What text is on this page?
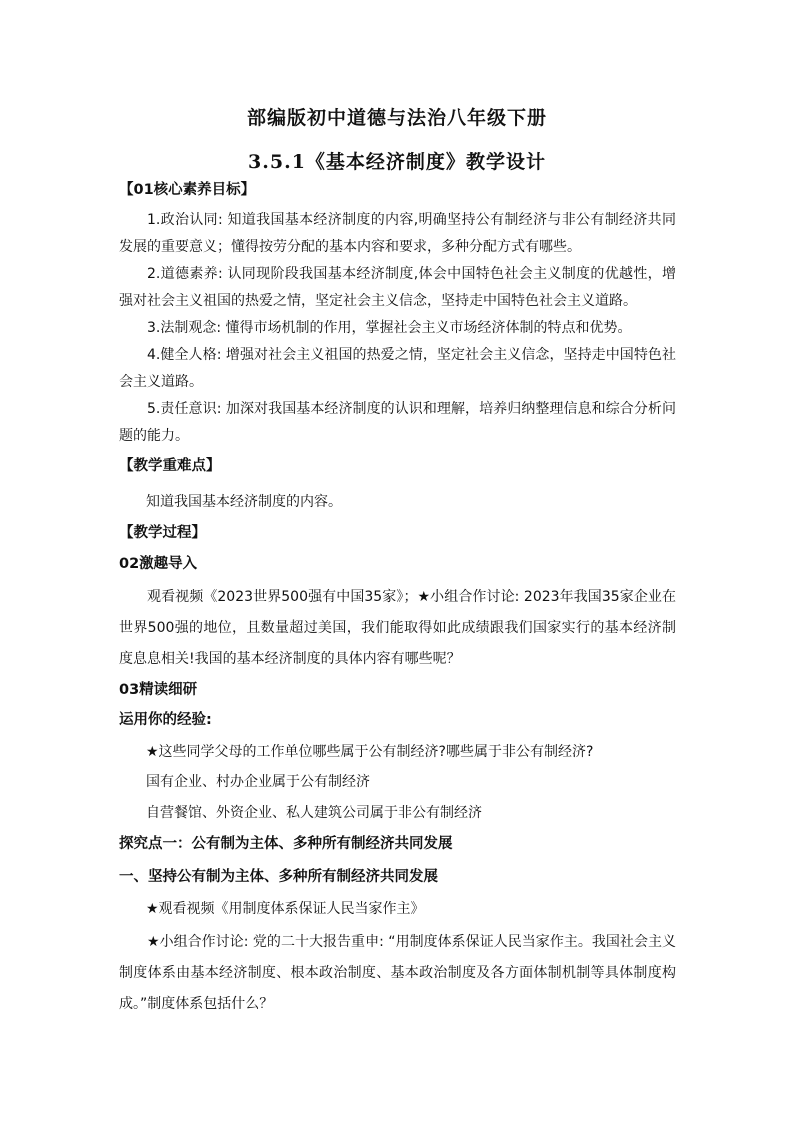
部编版初中道德与法治八年级下册
3.5.1《基本经济制度》教学设计
【01核心素养目标】
1.政治认同: 知道我国基本经济制度的内容,明确坚持公有制经济与非公有制经济共同发展的重要意义；懂得按劳分配的基本内容和要求，多种分配方式有哪些。
2.道德素养: 认同现阶段我国基本经济制度,体会中国特色社会主义制度的优越性，增强对社会主义祖国的热爱之情，坚定社会主义信念，坚持走中国特色社会主义道路。
3.法制观念: 懂得市场机制的作用，掌握社会主义市场经济体制的特点和优势。
4.健全人格: 增强对社会主义祖国的热爱之情，坚定社会主义信念，坚持走中国特色社会主义道路。
5.责任意识: 加深对我国基本经济制度的认识和理解，培养归纳整理信息和综合分析问题的能力。
【教学重难点】
知道我国基本经济制度的内容。
【教学过程】
02激趣导入
观看视频《2023世界500强有中国35家》；★小组合作讨论: 2023年我国35家企业在世界500强的地位，且数量超过美国，我们能取得如此成绩跟我们国家实行的基本经济制度息息相关!我国的基本经济制度的具体内容有哪些呢？
03精读细研
运用你的经验:
★这些同学父母的工作单位哪些属于公有制经济?哪些属于非公有制经济?
国有企业、村办企业属于公有制经济
自营餐馆、外资企业、私人建筑公司属于非公有制经济
探究点一：公有制为主体、多种所有制经济共同发展
一、坚持公有制为主体、多种所有制经济共同发展
★观看视频《用制度体系保证人民当家作主》
★小组合作讨论: 党的二十大报告重申: “用制度体系保证人民当家作主。我国社会主义制度体系由基本经济制度、根本政治制度、基本政治制度及各方面体制机制等具体制度构成。”制度体系包括什么？
